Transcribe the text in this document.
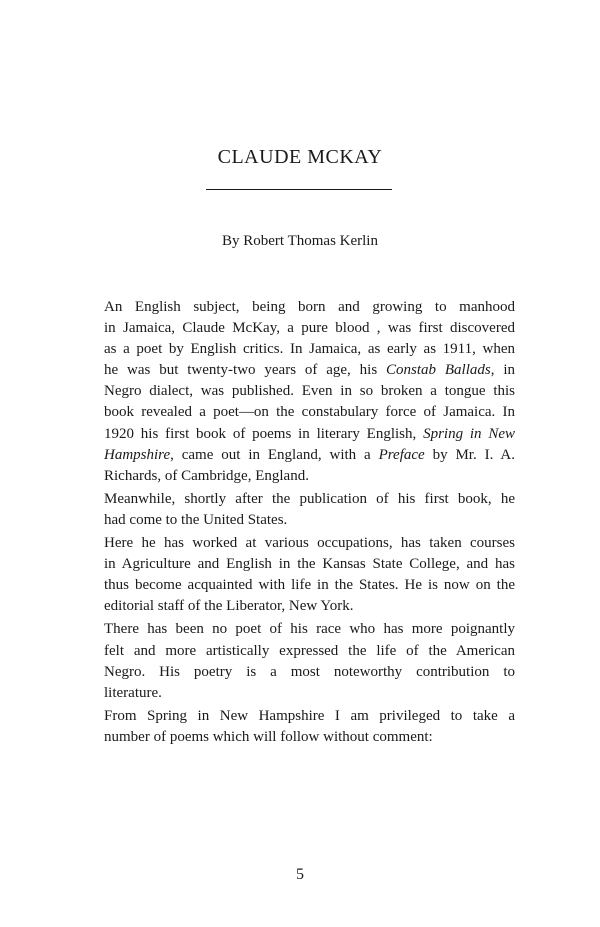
CLAUDE MCKAY

By Robert Thomas Kerlin

An English subject, being born and growing to manhood
in Jamaica, Claude McKay, a pure blood , was first discovered
as a poet by English critics. In Jamaica, as early as 1911, when
he was but twenty-two years of age, his Constab Ballads, in
Negro dialect, was published. Even in so broken a tongue this
book revealed a poet—on the constabulary force of Jamaica. In
1920 his first book of poems in literary English, Spring in New
Hampshire, came out in England, with a Preface by Mr. I. A.
Richards, of Cambridge, England.

Meanwhile, shortly after the publication of his first book, he
had come to the United States.

Here he has worked at various occupations, has taken courses
in Agriculture and English in the Kansas State College, and has
thus become acquainted with life in the States. He is now on the
editorial staff of the Liberator, New York.

There has been no poet of his race who has more poignantly
felt and more artistically expressed the life of the American
Negro. His poetry is a most noteworthy contribution to
literature.

From Spring in New Hampshire I am privileged to take a
number of poems which will follow without comment:

5
